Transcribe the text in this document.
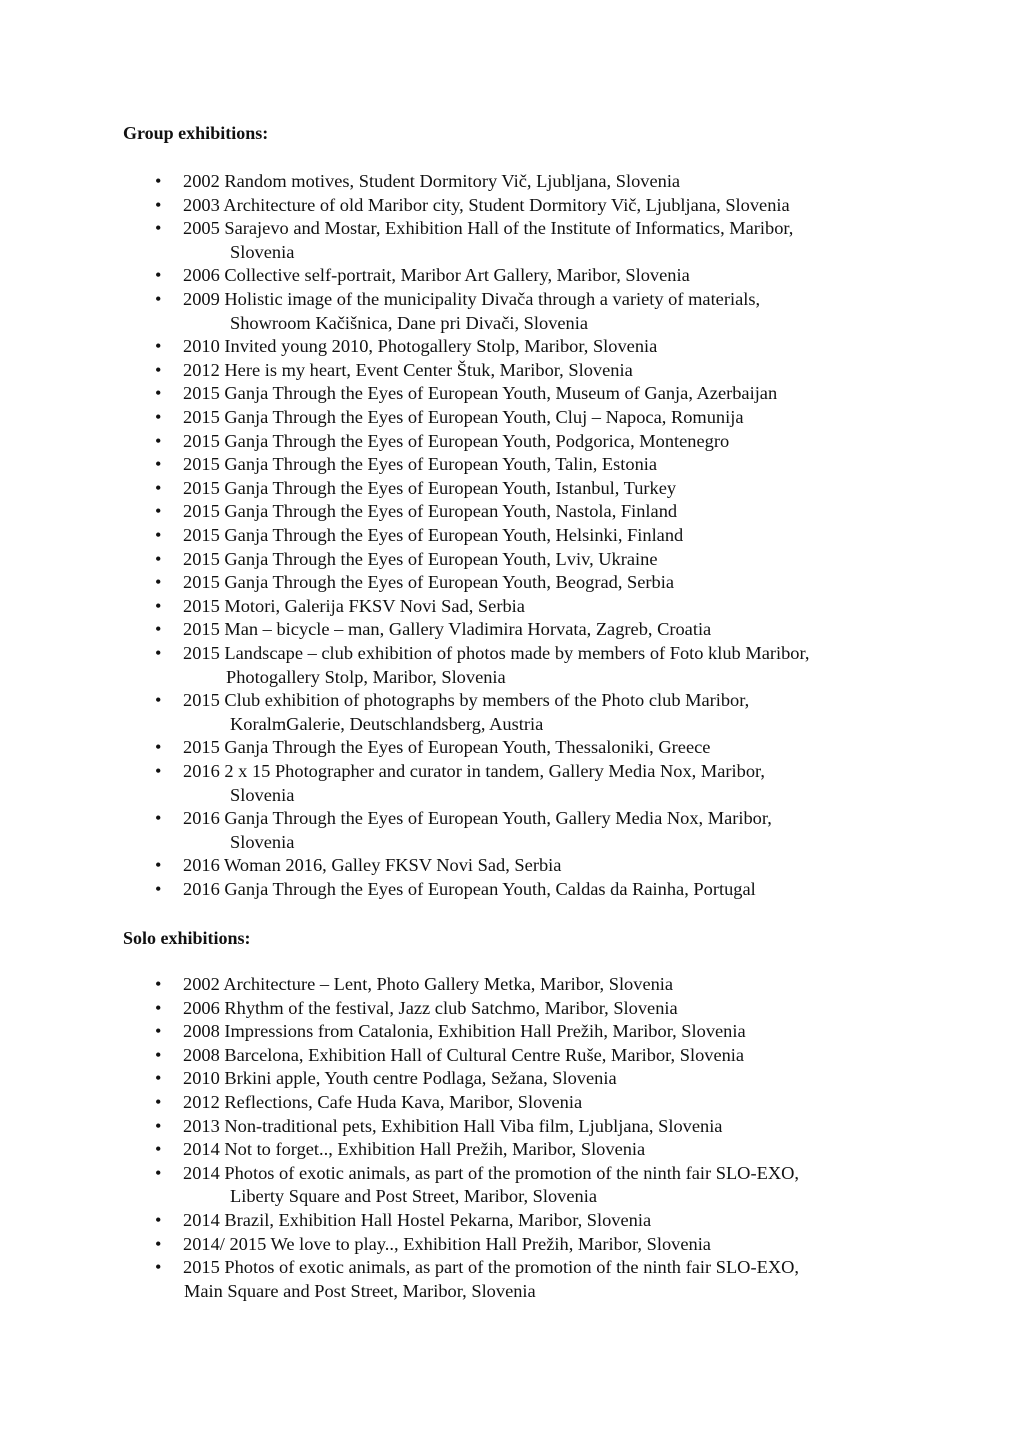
Group exhibitions:
• 2002 Random motives, Student Dormitory Vič, Ljubljana, Slovenia
• 2003 Architecture of old Maribor city, Student Dormitory Vič, Ljubljana, Slovenia
• 2005 Sarajevo and Mostar, Exhibition Hall of the Institute of Informatics, Maribor,
Slovenia
• 2006 Collective self-portrait, Maribor Art Gallery, Maribor, Slovenia
• 2009 Holistic image of the municipality Divača through a variety of materials,
Showroom Kačišnica, Dane pri Divači, Slovenia
• 2010 Invited young 2010, Photogallery Stolp, Maribor, Slovenia
• 2012 Here is my heart, Event Center Štuk, Maribor, Slovenia
• 2015 Ganja Through the Eyes of European Youth, Museum of Ganja, Azerbaijan
• 2015 Ganja Through the Eyes of European Youth, Cluj – Napoca, Romunija
• 2015 Ganja Through the Eyes of European Youth, Podgorica, Montenegro
• 2015 Ganja Through the Eyes of European Youth, Talin, Estonia
• 2015 Ganja Through the Eyes of European Youth, Istanbul, Turkey
• 2015 Ganja Through the Eyes of European Youth, Nastola, Finland
• 2015 Ganja Through the Eyes of European Youth, Helsinki, Finland
• 2015 Ganja Through the Eyes of European Youth, Lviv, Ukraine
• 2015 Ganja Through the Eyes of European Youth, Beograd, Serbia
• 2015 Motori, Galerija FKSV Novi Sad, Serbia
• 2015 Man – bicycle – man, Gallery Vladimira Horvata, Zagreb, Croatia
• 2015 Landscape – club exhibition of photos made by members of Foto klub Maribor,
Photogallery Stolp, Maribor, Slovenia
• 2015 Club exhibition of photographs by members of the Photo club Maribor,
KoralmGalerie, Deutschlandsberg, Austria
• 2015 Ganja Through the Eyes of European Youth, Thessaloniki, Greece
• 2016 2 x 15 Photographer and curator in tandem, Gallery Media Nox, Maribor,
Slovenia
• 2016 Ganja Through the Eyes of European Youth, Gallery Media Nox, Maribor,
Slovenia
• 2016 Woman 2016, Galley FKSV Novi Sad, Serbia
• 2016 Ganja Through the Eyes of European Youth, Caldas da Rainha, Portugal
Solo exhibitions:
• 2002 Architecture – Lent, Photo Gallery Metka, Maribor, Slovenia
• 2006 Rhythm of the festival, Jazz club Satchmo, Maribor, Slovenia
• 2008 Impressions from Catalonia, Exhibition Hall Prežih, Maribor, Slovenia
• 2008 Barcelona, Exhibition Hall of Cultural Centre Ruše, Maribor, Slovenia
• 2010 Brkini apple, Youth centre Podlaga, Sežana, Slovenia
• 2012 Reflections, Cafe Huda Kava, Maribor, Slovenia
• 2013 Non-traditional pets, Exhibition Hall Viba film, Ljubljana, Slovenia
• 2014 Not to forget.., Exhibition Hall Prežih, Maribor, Slovenia
• 2014 Photos of exotic animals, as part of the promotion of the ninth fair SLO-EXO,
Liberty Square and Post Street, Maribor, Slovenia
• 2014 Brazil, Exhibition Hall Hostel Pekarna, Maribor, Slovenia
• 2014/ 2015 We love to play.., Exhibition Hall Prežih, Maribor, Slovenia
• 2015 Photos of exotic animals, as part of the promotion of the ninth fair SLO-EXO,
Main Square and Post Street, Maribor, Slovenia
